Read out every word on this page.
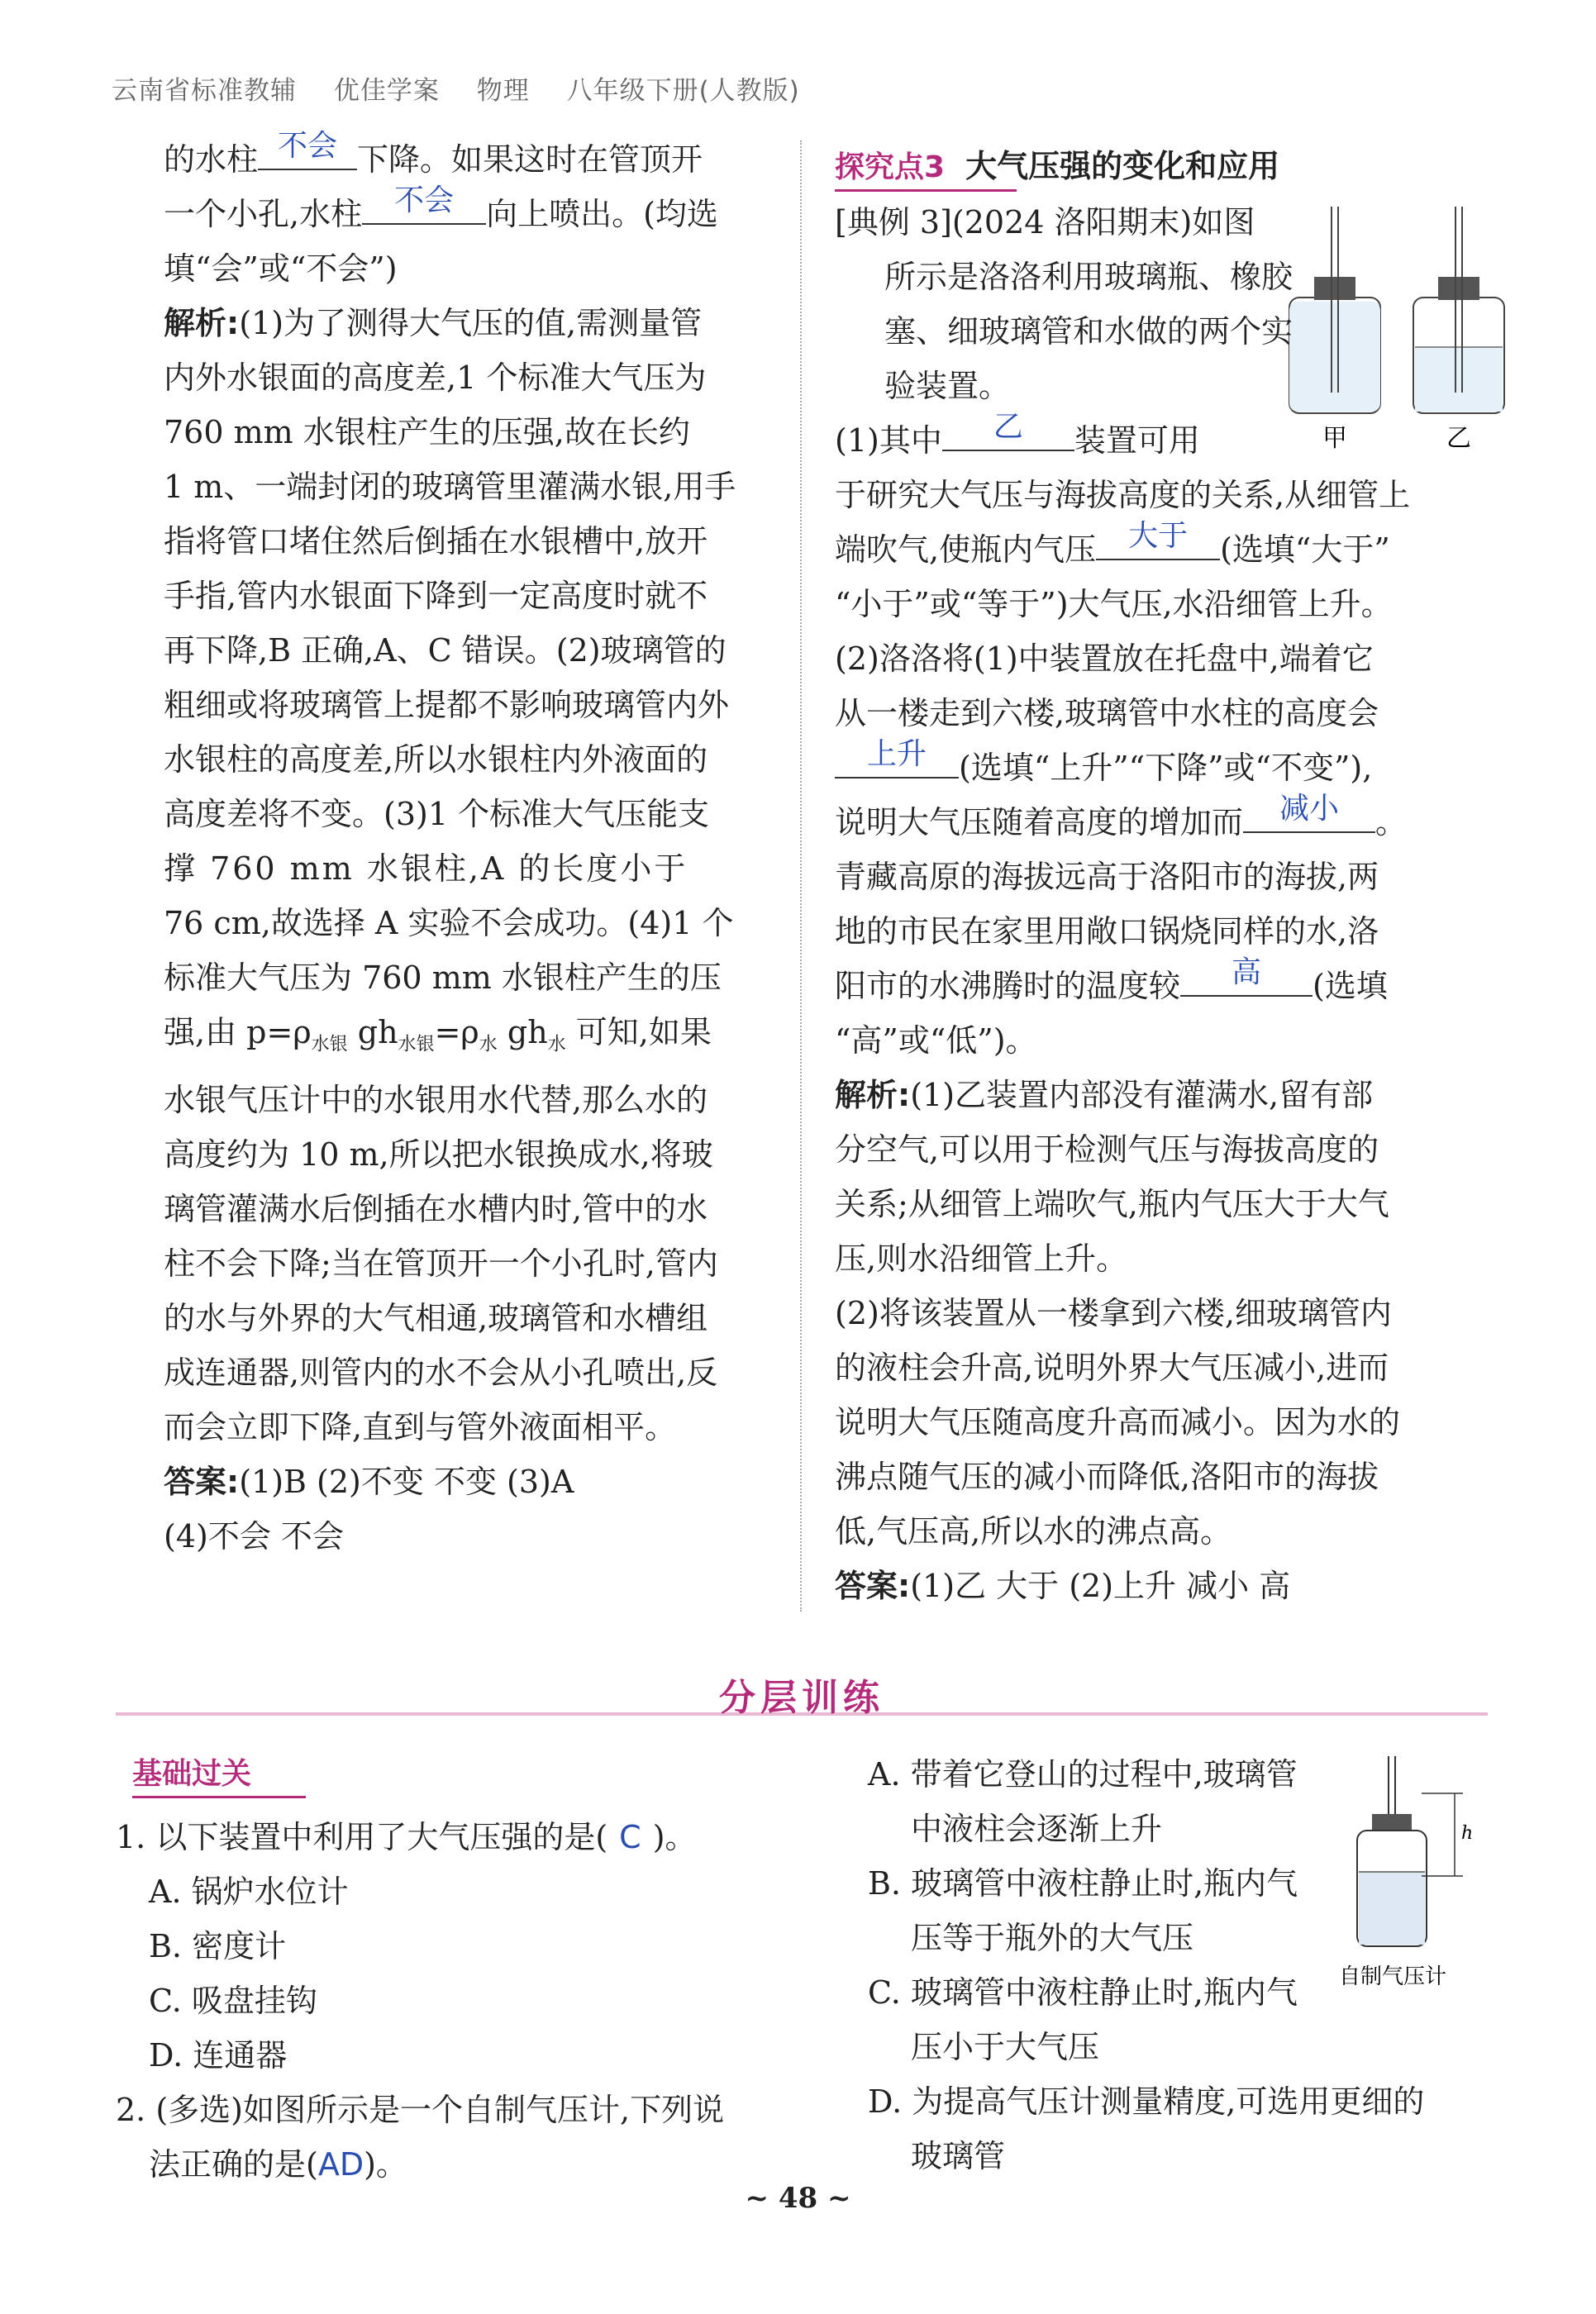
云南省标准教辅 优佳学案 物理 八年级下册(人教版)

的水柱 不会 下降。如果这时在管顶开

一个小孔,水柱	不会	向上喷出。(均选

填“会”或“不会”)

解析:(1)为了测得大气压的值,需测量管

内外水银面的高度差,1 个标准大气压为

760 mm 水银柱产生的压强,故在长约

1 m、一端封闭的玻璃管里灌满水银,用手

指将管口堵住然后倒插在水银槽中,放开

手指,管内水银面下降到一定高度时就不

再下降,B 正确,A、C 错误。(2)玻璃管的

粗细或将玻璃管上提都不影响玻璃管内外

水银柱的高度差,所以水银柱内外液面的

高度差将不变。(3)1 个标准大气压能支

撑 760 mm 水银柱,A 的长度小于

76 cm,故选择 A 实验不会成功。(4)1 个

标准大气压为 760 mm 水银柱产生的压

强,由 $p=\rho_{水银}$ $gh_{水银}=\rho_水$ $gh_水$ 可知,如果

水银气压计中的水银用水代替,那么水的

高度约为 10 m,所以把水银换成水,将玻

璃管灌满水后倒插在水槽内时,管中的水

柱不会下降;当在管顶开一个小孔时,管内

的水与外界的大气相通,玻璃管和水槽组

成连通器,则管内的水不会从小孔喷出,反

而会立即下降,直到与管外液面相平。

答案:(1)B (2)不变 不变 (3)A

(4)不会 不会

探究点3 大气压强的变化和应用
甲	乙

[典例 3](2024 洛阳期末)如图

所示是洛洛利用玻璃瓶、橡胶

塞、细玻璃管和水做的两个实

验装置。

(1)其中	乙	装置可用

于研究大气压与海拔高度的关系,从细管上

端吹气,使瓶内气压	大于	(选填“大于”

“小于”或“等于”)大气压,水沿细管上升。

(2)洛洛将(1)中装置放在托盘中,端着它

从一楼走到六楼,玻璃管中水柱的高度会

上升	(选填“上升”“下降”或“不变”),

说明大气压随着高度的增加而	减小	。

青藏高原的海拔远高于洛阳市的海拔,两

地的市民在家里用敞口锅烧同样的水,洛

阳市的水沸腾时的温度较	高	(选填

“高”或“低”)。

解析:(1)乙装置内部没有灌满水,留有部

分空气,可以用于检测气压与海拔高度的

关系;从细管上端吹气,瓶内气压大于大气

压,则水沿细管上升。

(2)将该装置从一楼拿到六楼,细玻璃管内

的液柱会升高,说明外界大气压减小,进而

说明大气压随高度升高而减小。因为水的

沸点随气压的减小而降低,洛阳市的海拔

低,气压高,所以水的沸点高。

答案:(1)乙 大于 (2)上升 减小 高

分层训练
基础过关

1. 以下装置中利用了大气压强的是( C )。

A. 锅炉水位计

B. 密度计

C. 吸盘挂钩

D. 连通器

2. (多选)如图所示是一个自制气压计,下列说

法正确的是(AD)。

A. 带着它登山的过程中,玻璃管

中液柱会逐渐上升

B. 玻璃管中液柱静止时,瓶内气

压等于瓶外的大气压

C. 玻璃管中液柱静止时,瓶内气

压小于大气压

D. 为提高气压计测量精度,可选用更细的

玻璃管

h
自制气压计
~ 48 ~
